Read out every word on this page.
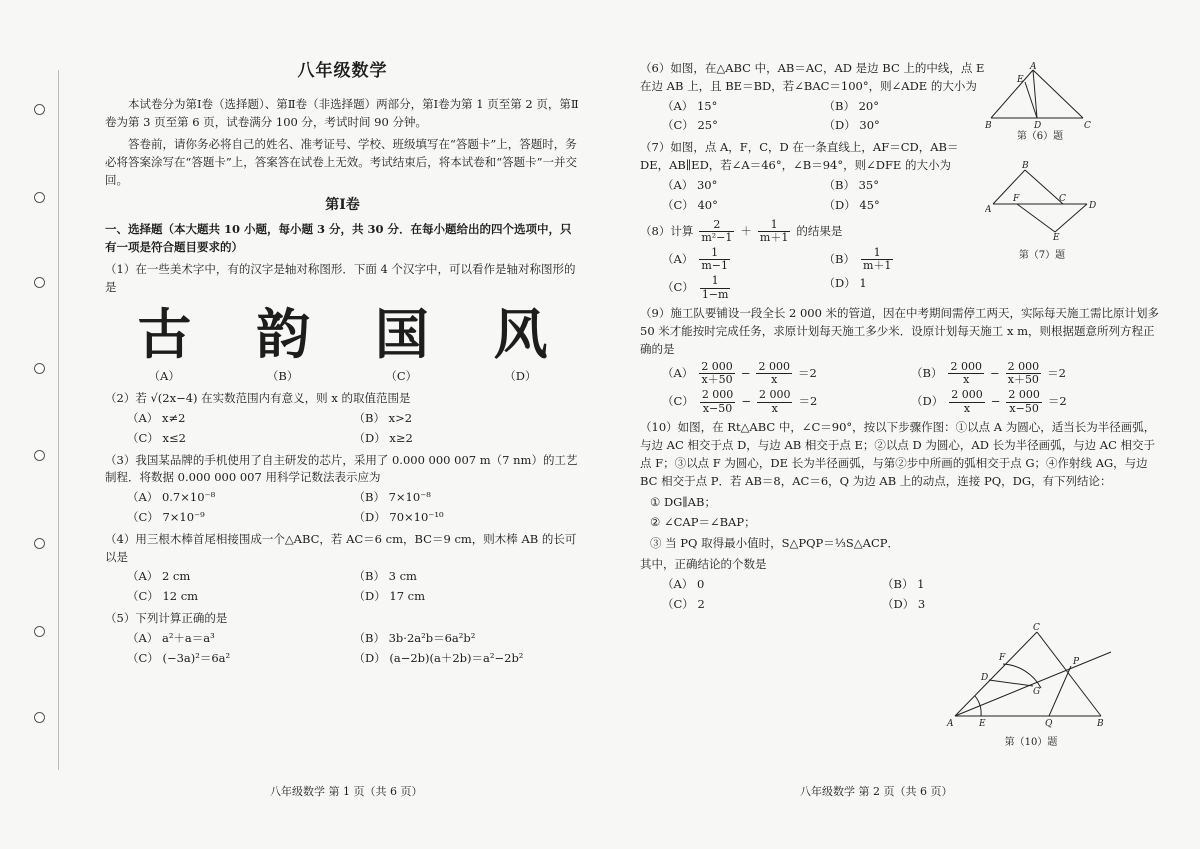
八年级数学

本试卷分为第Ⅰ卷（选择题）、第Ⅱ卷（非选择题）两部分，第Ⅰ卷为第 1 页至第 2 页，第Ⅱ卷为第 3 页至第 6 页，试卷满分 100 分，考试时间 90 分钟。

答卷前，请你务必将自己的姓名、准考证号、学校、班级填写在“答题卡”上，答题时，务必将答案涂写在“答题卡”上，答案答在试卷上无效。考试结束后，将本试卷和“答题卡”一并交回。

第Ⅰ卷

一、选择题（本大题共 10 小题，每小题 3 分，共 30 分．在每小题给出的四个选项中，只有一项是符合题目要求的）

（1）在一些美术字中，有的汉字是轴对称图形．下面 4 个汉字中，可以看作是轴对称图形的是

古 韵 国 风
（A）	（B）	（C）	（D）

（2）若 √(2x−4) 在实数范围内有意义，则 x 的取值范围是

（A） x≠2	（B） x>2
（C） x≤2	（D） x≥2

（3）我国某品牌的手机使用了自主研发的芯片，采用了 0.000 000 007 m（7 nm）的工艺制程．将数据 0.000 000 007 用科学记数法表示应为

（A） 0.7×10⁻⁸	（B） 7×10⁻⁸
（C） 7×10⁻⁹	（D） 70×10⁻¹⁰

（4）用三根木棒首尾相接围成一个△ABC，若 AC＝6 cm，BC＝9 cm，则木棒 AB 的长可以是

（A） 2 cm	（B） 3 cm
（C） 12 cm	（D） 17 cm

（5）下列计算正确的是

（A） a²＋a＝a³	（B） 3b·2a²b＝6a²b²
（C） (−3a)²＝6a²	（D） (a−2b)(a＋2b)＝a²−2b²
八年级数学 第 1 页（共 6 页）

（6）如图，在△ABC 中，AB＝AC，AD 是边 BC 上的中线，点 E 在边 AB 上，且 BE＝BD，若∠BAC＝100°，则∠ADE 的大小为

（A） 15°	（B） 20°
（C） 25°	（D） 30°

（7）如图，点 A，F，C，D 在一条直线上，AF＝CD，AB＝DE，AB∥ED，若∠A＝46°，∠B＝94°，则∠DFE 的大小为

（A） 30°	（B） 35°
（C） 40°	（D） 45°
（8）计算 $\frac{2}{\text{m²−1}} + \frac{1}{m+1}$ 的结果是
$(A) \frac{1}{m-1}$	$(B) \frac{1}{m+1}$
$(C) \frac{1}{1-m}$	（D） 1

（9）施工队要铺设一段全长 2 000 米的管道，因在中考期间需停工两天，实际每天施工需比原计划多 50 米才能按时完成任务，求原计划每天施工多少米．设原计划每天施工 x m，则根据题意所列方程正确的是

$(A) \frac{2 000}{x+50} - \frac{2 000}{x} =2$	$(B) \frac{2 000}{x} - \frac{2 000}{x+50} =2$
$(C) \frac{2 000}{x-50} - \frac{2 000}{x} =2$	$(D) \frac{2 000}{x} - \frac{2 000}{x-50} =2$

（10）如图，在 Rt△ABC 中，∠C＝90°，按以下步骤作图：①以点 A 为圆心，适当长为半径画弧，与边 AC 相交于点 D，与边 AB 相交于点 E；②以点 D 为圆心，AD 长为半径画弧，与边 AC 相交于点 F；③以点 F 为圆心，DE 长为半径画弧，与第②步中所画的弧相交于点 G；④作射线 AG，与边 BC 相交于点 P．若 AB＝8，AC＝6，Q 为边 AB 上的动点，连接 PQ，DG，有下列结论：

① DG∥AB；

② ∠CAP＝∠BAP；

③ 当 PQ 取得最小值时，S△PQP＝⅓S△ACP．

其中，正确结论的个数是

（A） 0	（B） 1
（C） 2	（D） 3
A
B	C
D
E
第（6）题
B
A
F	C
D
E
第（7）题
A	B
C
D
E
F
G
P
Q
第（10）题
八年级数学 第 2 页（共 6 页）
